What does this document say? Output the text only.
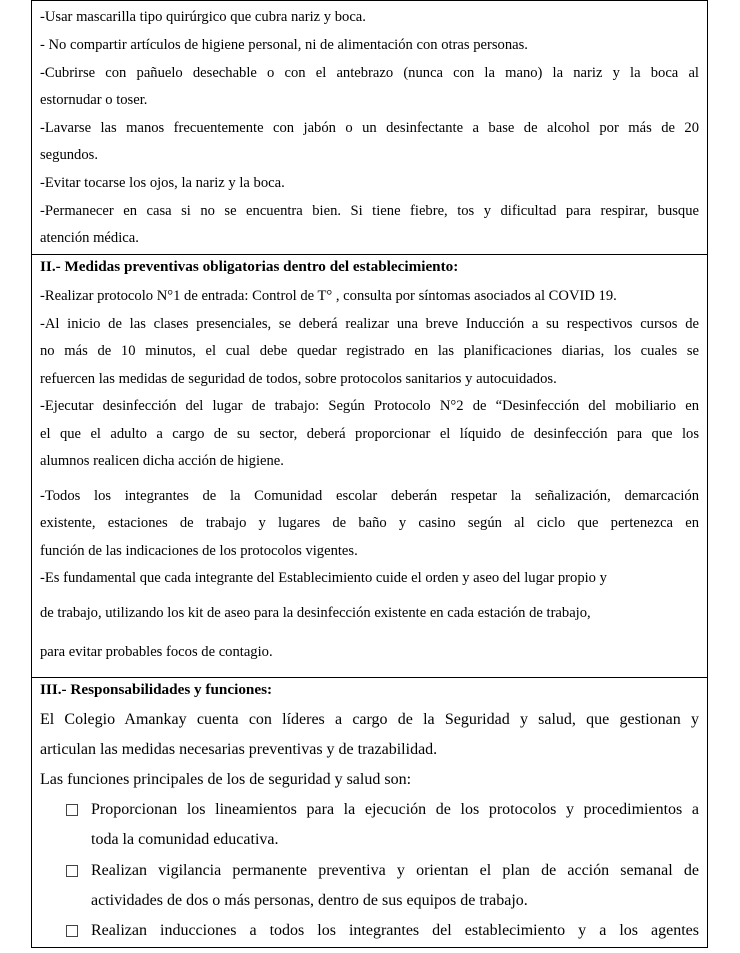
-Usar mascarilla tipo quirúrgico que cubra nariz y boca.

- No compartir artículos de higiene personal, ni de alimentación con otras personas.

-Cubrirse con pañuelo desechable o con el antebrazo (nunca con la mano) la nariz y la boca al

estornudar o toser.

-Lavarse las manos frecuentemente con jabón o un desinfectante a base de alcohol por más de 20

segundos.

-Evitar tocarse los ojos, la nariz y la boca.

-Permanecer en casa si no se encuentra bien. Si tiene fiebre, tos y dificultad para respirar, busque

atención médica.

II.- Medidas preventivas obligatorias dentro del establecimiento:

-Realizar protocolo N°1 de entrada: Control de T° , consulta por síntomas asociados al COVID 19.

-Al inicio de las clases presenciales, se deberá realizar una breve Inducción a su respectivos cursos de

no más de 10 minutos, el cual debe quedar registrado en las planificaciones diarias, los cuales se

refuercen las medidas de seguridad de todos, sobre protocolos sanitarios y autocuidados.

-Ejecutar desinfección del lugar de trabajo: Según Protocolo N°2 de “Desinfección del mobiliario en

el que el adulto a cargo de su sector, deberá proporcionar el líquido de desinfección para que los

alumnos realicen dicha acción de higiene.

-Todos los integrantes de la Comunidad escolar deberán respetar la señalización, demarcación

existente, estaciones de trabajo y lugares de baño y casino según al ciclo que pertenezca en

función de las indicaciones de los protocolos vigentes.

-Es fundamental que cada integrante del Establecimiento cuide el orden y aseo del lugar propio y

de trabajo, utilizando los kit de aseo para la desinfección existente en cada estación de trabajo,

para evitar probables focos de contagio.

III.- Responsabilidades y funciones:

El Colegio Amankay cuenta con líderes a cargo de la Seguridad y salud, que gestionan y

articulan las medidas necesarias preventivas y de trazabilidad.

Las funciones principales de los de seguridad y salud son:

Proporcionan los lineamientos para la ejecución de los protocolos y procedimientos a

toda la comunidad educativa.

Realizan vigilancia permanente preventiva y orientan el plan de acción semanal de

actividades de dos o más personas, dentro de sus equipos de trabajo.

Realizan inducciones a todos los integrantes del establecimiento y a los agentes
